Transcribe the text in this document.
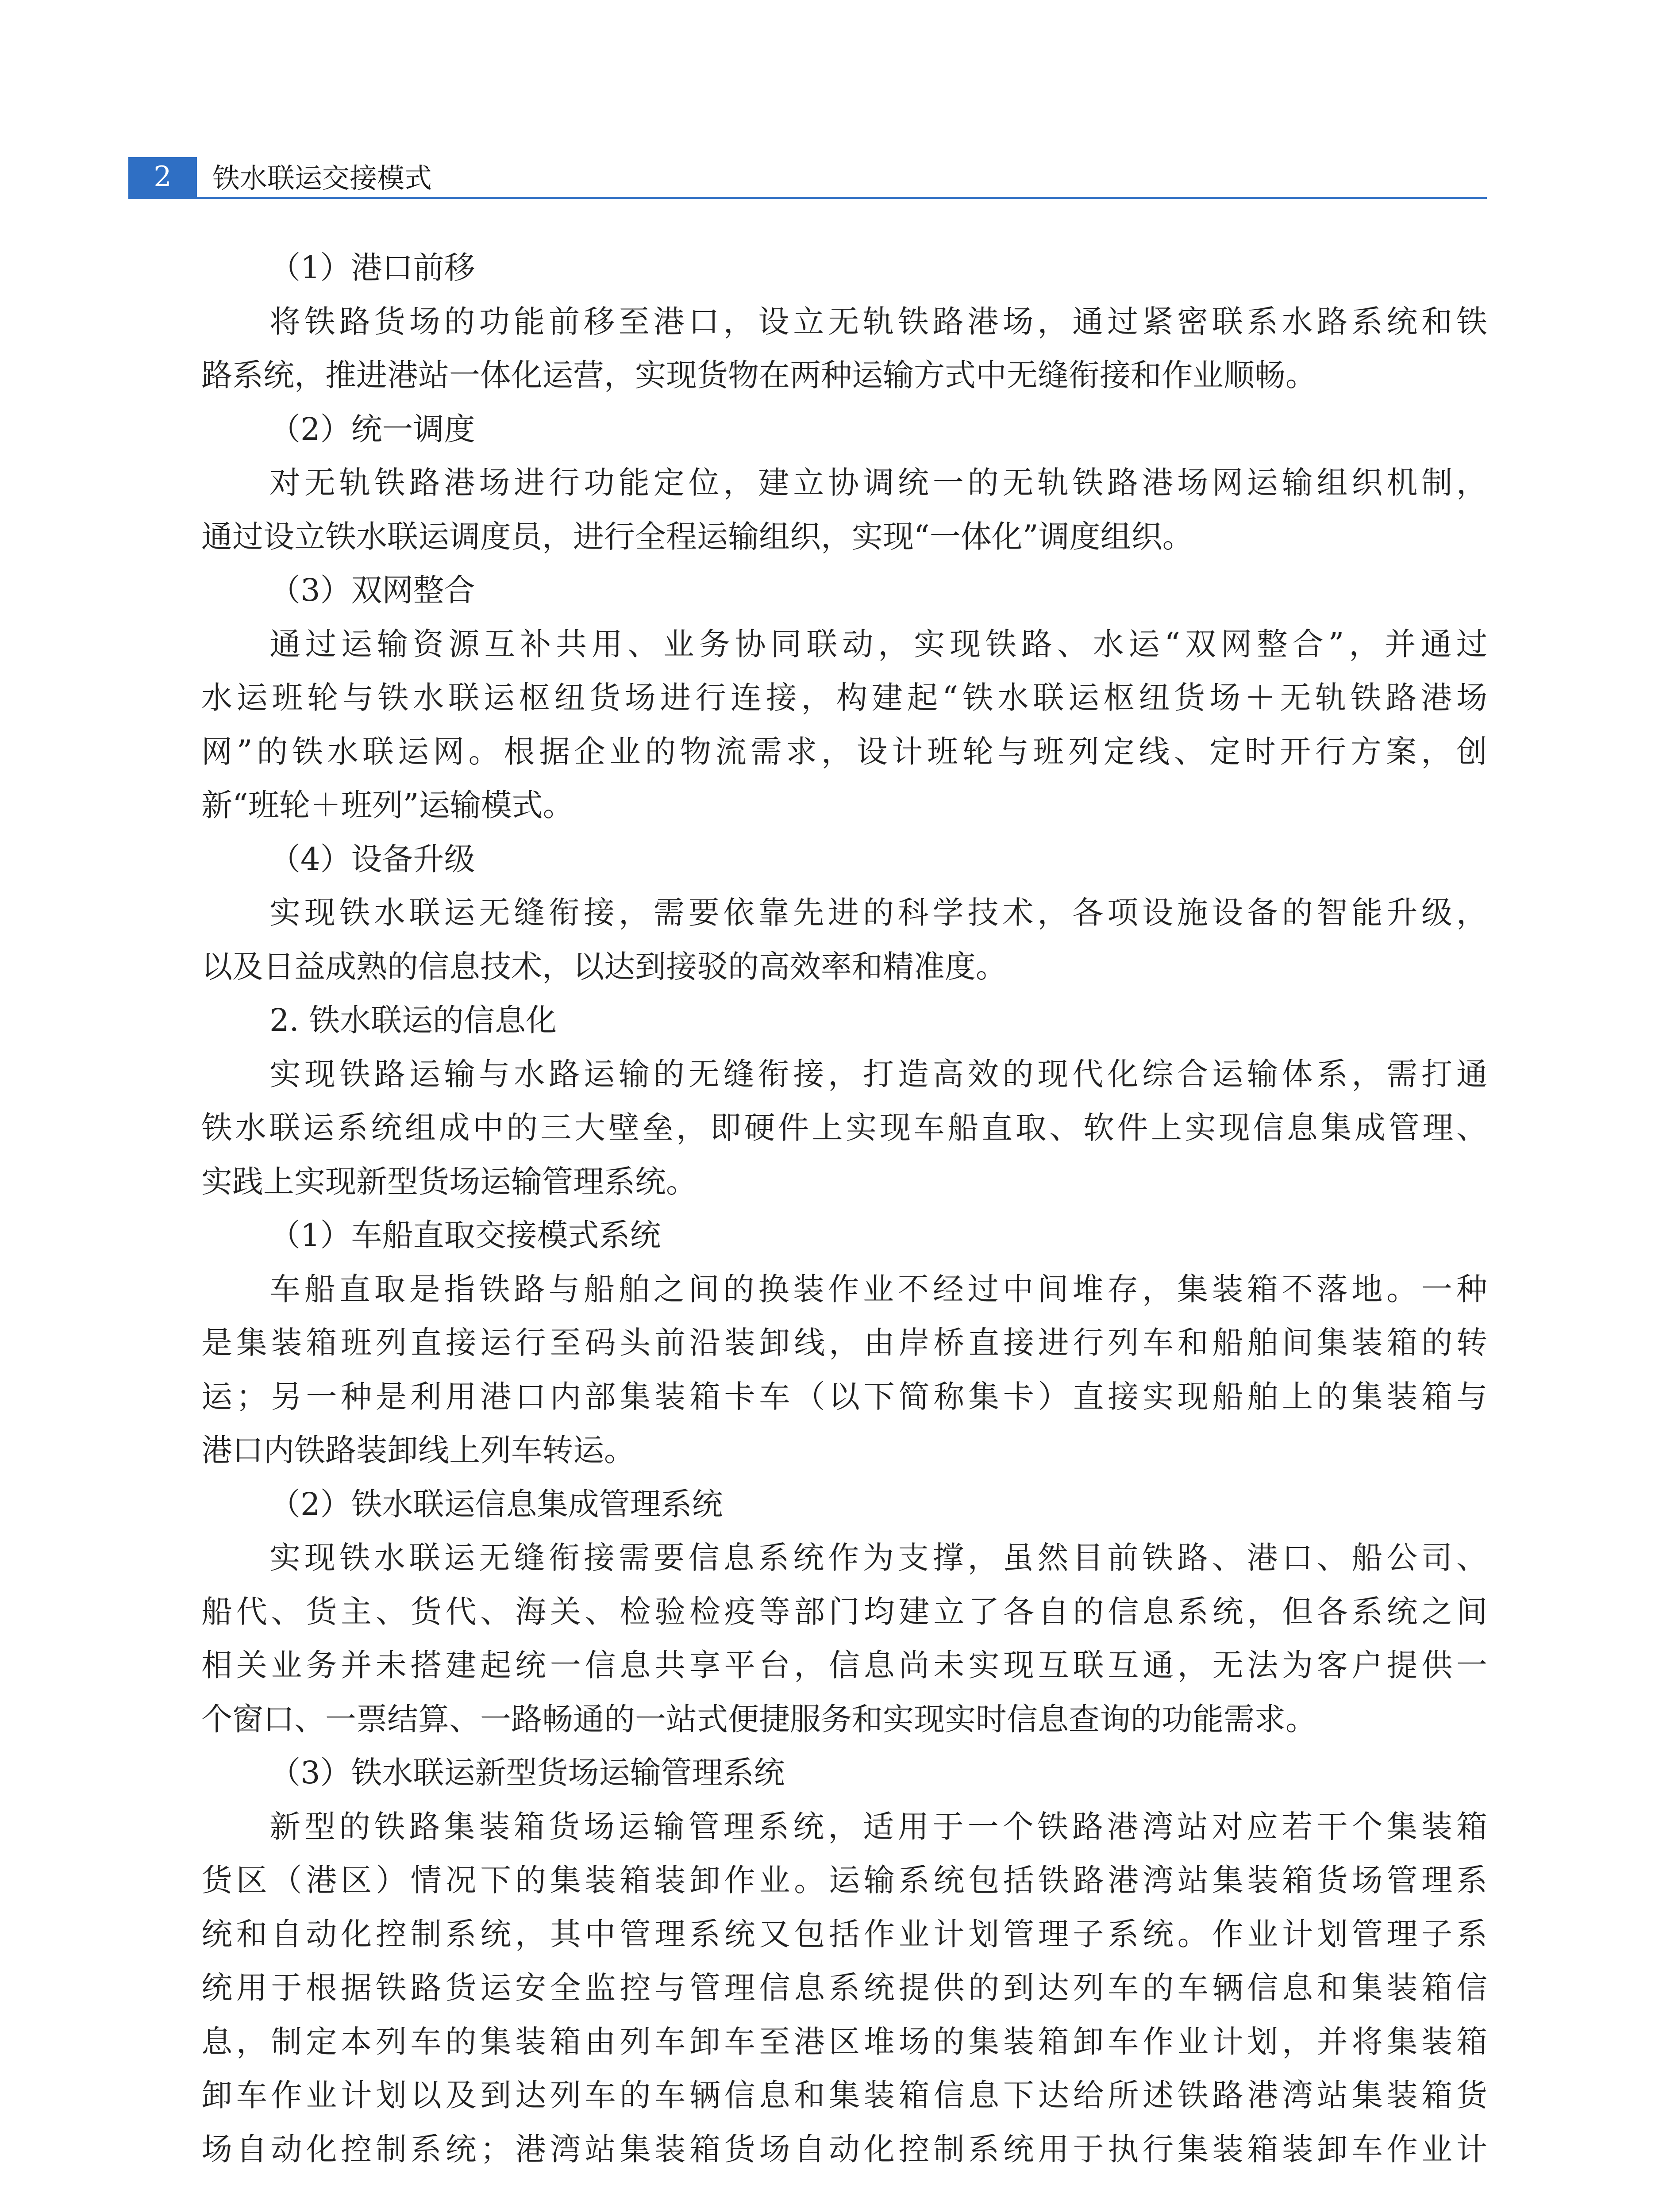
2	铁水联运交接模式
（1）港口前移
将铁路货场的功能前移至港口，设立无轨铁路港场，通过紧密联系水路系统和铁
路系统，推进港站一体化运营，实现货物在两种运输方式中无缝衔接和作业顺畅。
（2）统一调度
对无轨铁路港场进行功能定位，建立协调统一的无轨铁路港场网运输组织机制，
通过设立铁水联运调度员，进行全程运输组织，实现“一体化”调度组织。
（3）双网整合
通过运输资源互补共用、业务协同联动，实现铁路、水运“双网整合”，并通过
水运班轮与铁水联运枢纽货场进行连接，构建起“铁水联运枢纽货场＋无轨铁路港场
网”的铁水联运网。根据企业的物流需求，设计班轮与班列定线、定时开行方案，创
新“班轮＋班列”运输模式。
（4）设备升级
实现铁水联运无缝衔接，需要依靠先进的科学技术，各项设施设备的智能升级，
以及日益成熟的信息技术，以达到接驳的高效率和精准度。
2. 铁水联运的信息化
实现铁路运输与水路运输的无缝衔接，打造高效的现代化综合运输体系，需打通
铁水联运系统组成中的三大壁垒，即硬件上实现车船直取、软件上实现信息集成管理、
实践上实现新型货场运输管理系统。
（1）车船直取交接模式系统
车船直取是指铁路与船舶之间的换装作业不经过中间堆存，集装箱不落地。一种
是集装箱班列直接运行至码头前沿装卸线，由岸桥直接进行列车和船舶间集装箱的转
运；另一种是利用港口内部集装箱卡车（以下简称集卡）直接实现船舶上的集装箱与
港口内铁路装卸线上列车转运。
（2）铁水联运信息集成管理系统
实现铁水联运无缝衔接需要信息系统作为支撑，虽然目前铁路、港口、船公司、
船代、货主、货代、海关、检验检疫等部门均建立了各自的信息系统，但各系统之间
相关业务并未搭建起统一信息共享平台，信息尚未实现互联互通，无法为客户提供一
个窗口、一票结算、一路畅通的一站式便捷服务和实现实时信息查询的功能需求。
（3）铁水联运新型货场运输管理系统
新型的铁路集装箱货场运输管理系统，适用于一个铁路港湾站对应若干个集装箱
货区（港区）情况下的集装箱装卸作业。运输系统包括铁路港湾站集装箱货场管理系
统和自动化控制系统，其中管理系统又包括作业计划管理子系统。作业计划管理子系
统用于根据铁路货运安全监控与管理信息系统提供的到达列车的车辆信息和集装箱信
息，制定本列车的集装箱由列车卸车至港区堆场的集装箱卸车作业计划，并将集装箱
卸车作业计划以及到达列车的车辆信息和集装箱信息下达给所述铁路港湾站集装箱货
场自动化控制系统；港湾站集装箱货场自动化控制系统用于执行集装箱装卸车作业计
